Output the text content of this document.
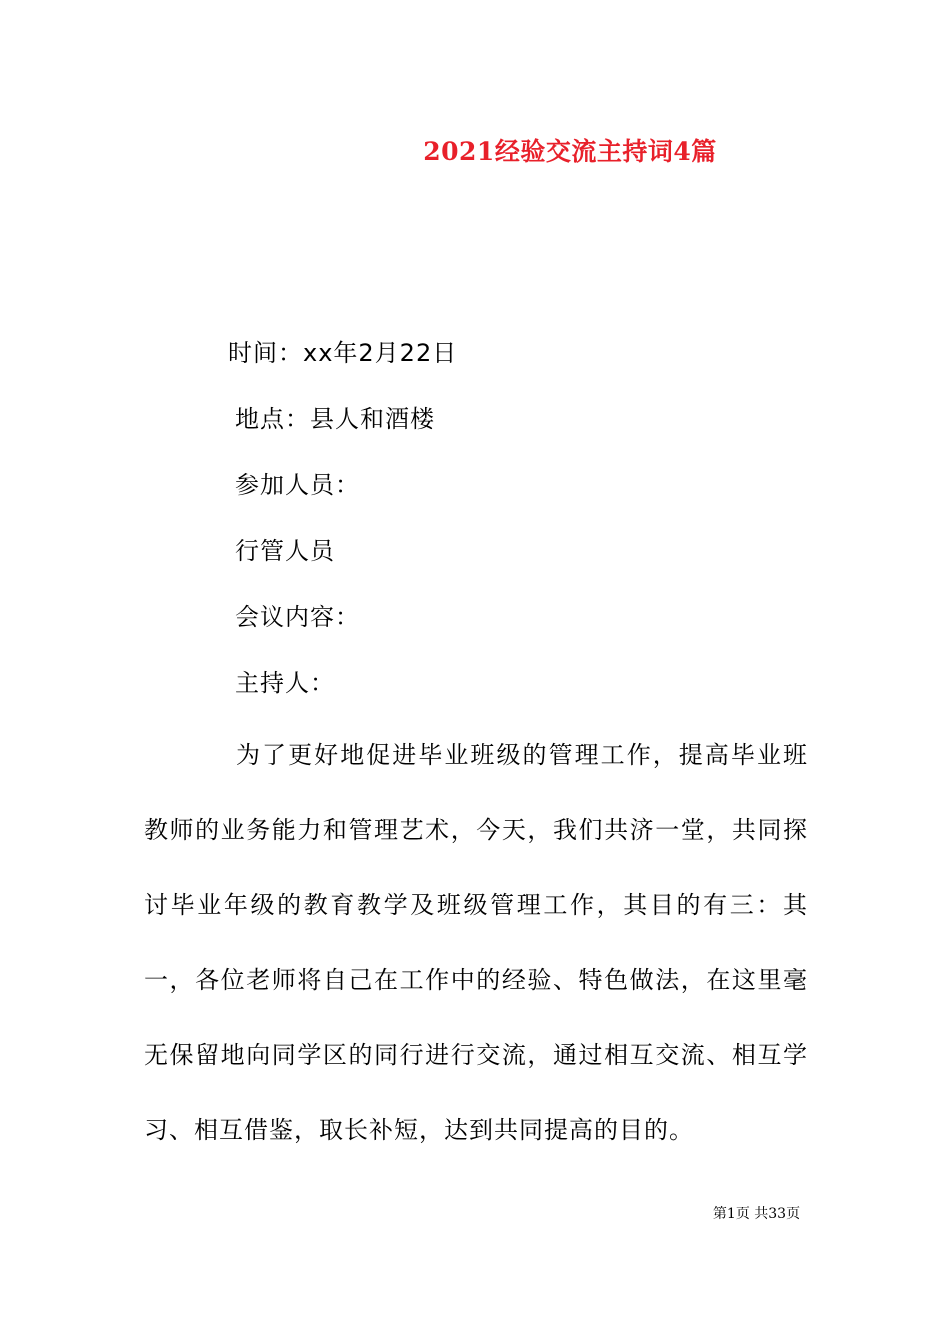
2021经验交流主持词4篇
时间：xx年2月22日
地点：县人和酒楼
参加人员：
行管人员
会议内容：
主持人：
为了更好地促进毕业班级的管理工作，提高毕业班教师的业务能力和管理艺术，今天，我们共济一堂，共同探讨毕业年级的教育教学及班级管理工作，其目的有三：其一，各位老师将自己在工作中的经验、特色做法，在这里毫无保留地向同学区的同行进行交流，通过相互交流、相互学习、相互借鉴，取长补短，达到共同提高的目的。
第1页 共33页
